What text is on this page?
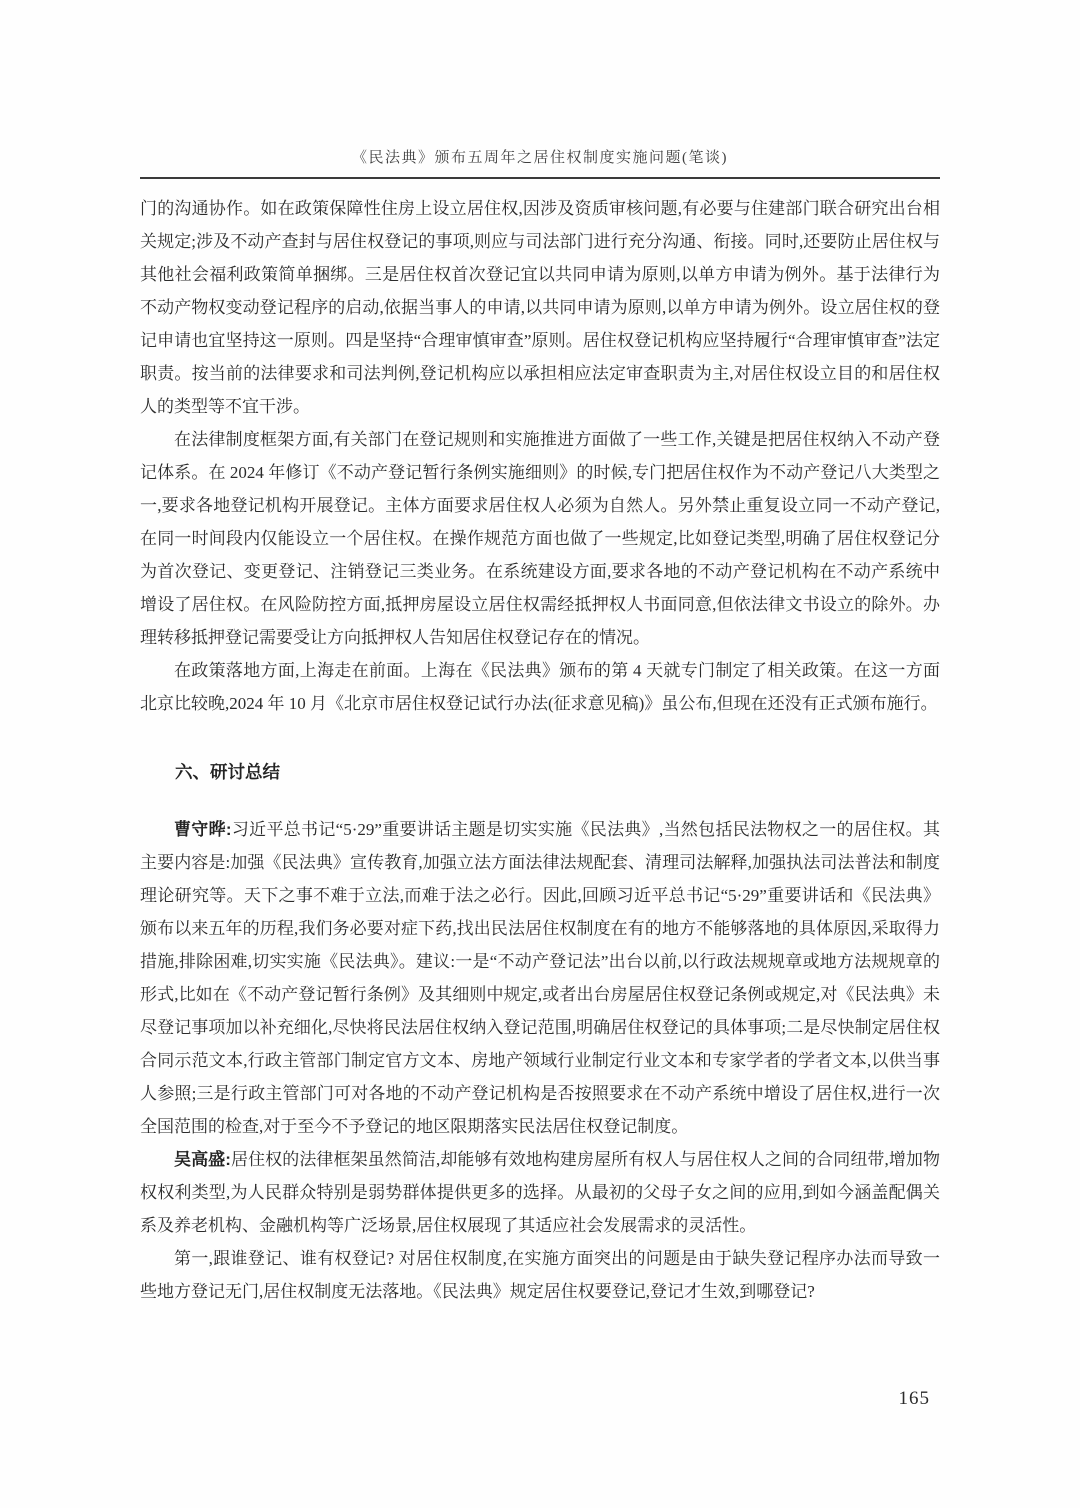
《民法典》颁布五周年之居住权制度实施问题(笔谈)

门的沟通协作。如在政策保障性住房上设立居住权,因涉及资质审核问题,有必要与住建部门联合研究出台相关规定;涉及不动产查封与居住权登记的事项,则应与司法部门进行充分沟通、衔接。同时,还要防止居住权与其他社会福利政策简单捆绑。三是居住权首次登记宜以共同申请为原则,以单方申请为例外。基于法律行为不动产物权变动登记程序的启动,依据当事人的申请,以共同申请为原则,以单方申请为例外。设立居住权的登记申请也宜坚持这一原则。四是坚持“合理审慎审查”原则。居住权登记机构应坚持履行“合理审慎审查”法定职责。按当前的法律要求和司法判例,登记机构应以承担相应法定审查职责为主,对居住权设立目的和居住权人的类型等不宜干涉。

在法律制度框架方面,有关部门在登记规则和实施推进方面做了一些工作,关键是把居住权纳入不动产登记体系。在 2024 年修订《不动产登记暂行条例实施细则》的时候,专门把居住权作为不动产登记八大类型之一,要求各地登记机构开展登记。主体方面要求居住权人必须为自然人。另外禁止重复设立同一不动产登记,在同一时间段内仅能设立一个居住权。在操作规范方面也做了一些规定,比如登记类型,明确了居住权登记分为首次登记、变更登记、注销登记三类业务。在系统建设方面,要求各地的不动产登记机构在不动产系统中增设了居住权。在风险防控方面,抵押房屋设立居住权需经抵押权人书面同意,但依法律文书设立的除外。办理转移抵押登记需要受让方向抵押权人告知居住权登记存在的情况。

在政策落地方面,上海走在前面。上海在《民法典》颁布的第 4 天就专门制定了相关政策。在这一方面北京比较晚,2024 年 10 月《北京市居住权登记试行办法(征求意见稿)》虽公布,但现在还没有正式颁布施行。

六、研讨总结

曹守晔:习近平总书记“5·29”重要讲话主题是切实实施《民法典》,当然包括民法物权之一的居住权。其主要内容是:加强《民法典》宣传教育,加强立法方面法律法规配套、清理司法解释,加强执法司法普法和制度理论研究等。天下之事不难于立法,而难于法之必行。因此,回顾习近平总书记“5·29”重要讲话和《民法典》颁布以来五年的历程,我们务必要对症下药,找出民法居住权制度在有的地方不能够落地的具体原因,采取得力措施,排除困难,切实实施《民法典》。建议:一是“不动产登记法”出台以前,以行政法规规章或地方法规规章的形式,比如在《不动产登记暂行条例》及其细则中规定,或者出台房屋居住权登记条例或规定,对《民法典》未尽登记事项加以补充细化,尽快将民法居住权纳入登记范围,明确居住权登记的具体事项;二是尽快制定居住权合同示范文本,行政主管部门制定官方文本、房地产领域行业制定行业文本和专家学者的学者文本,以供当事人参照;三是行政主管部门可对各地的不动产登记机构是否按照要求在不动产系统中增设了居住权,进行一次全国范围的检查,对于至今不予登记的地区限期落实民法居住权登记制度。

吴高盛:居住权的法律框架虽然简洁,却能够有效地构建房屋所有权人与居住权人之间的合同纽带,增加物权权利类型,为人民群众特别是弱势群体提供更多的选择。从最初的父母子女之间的应用,到如今涵盖配偶关系及养老机构、金融机构等广泛场景,居住权展现了其适应社会发展需求的灵活性。

第一,跟谁登记、谁有权登记? 对居住权制度,在实施方面突出的问题是由于缺失登记程序办法而导致一些地方登记无门,居住权制度无法落地。《民法典》规定居住权要登记,登记才生效,到哪登记?

165
